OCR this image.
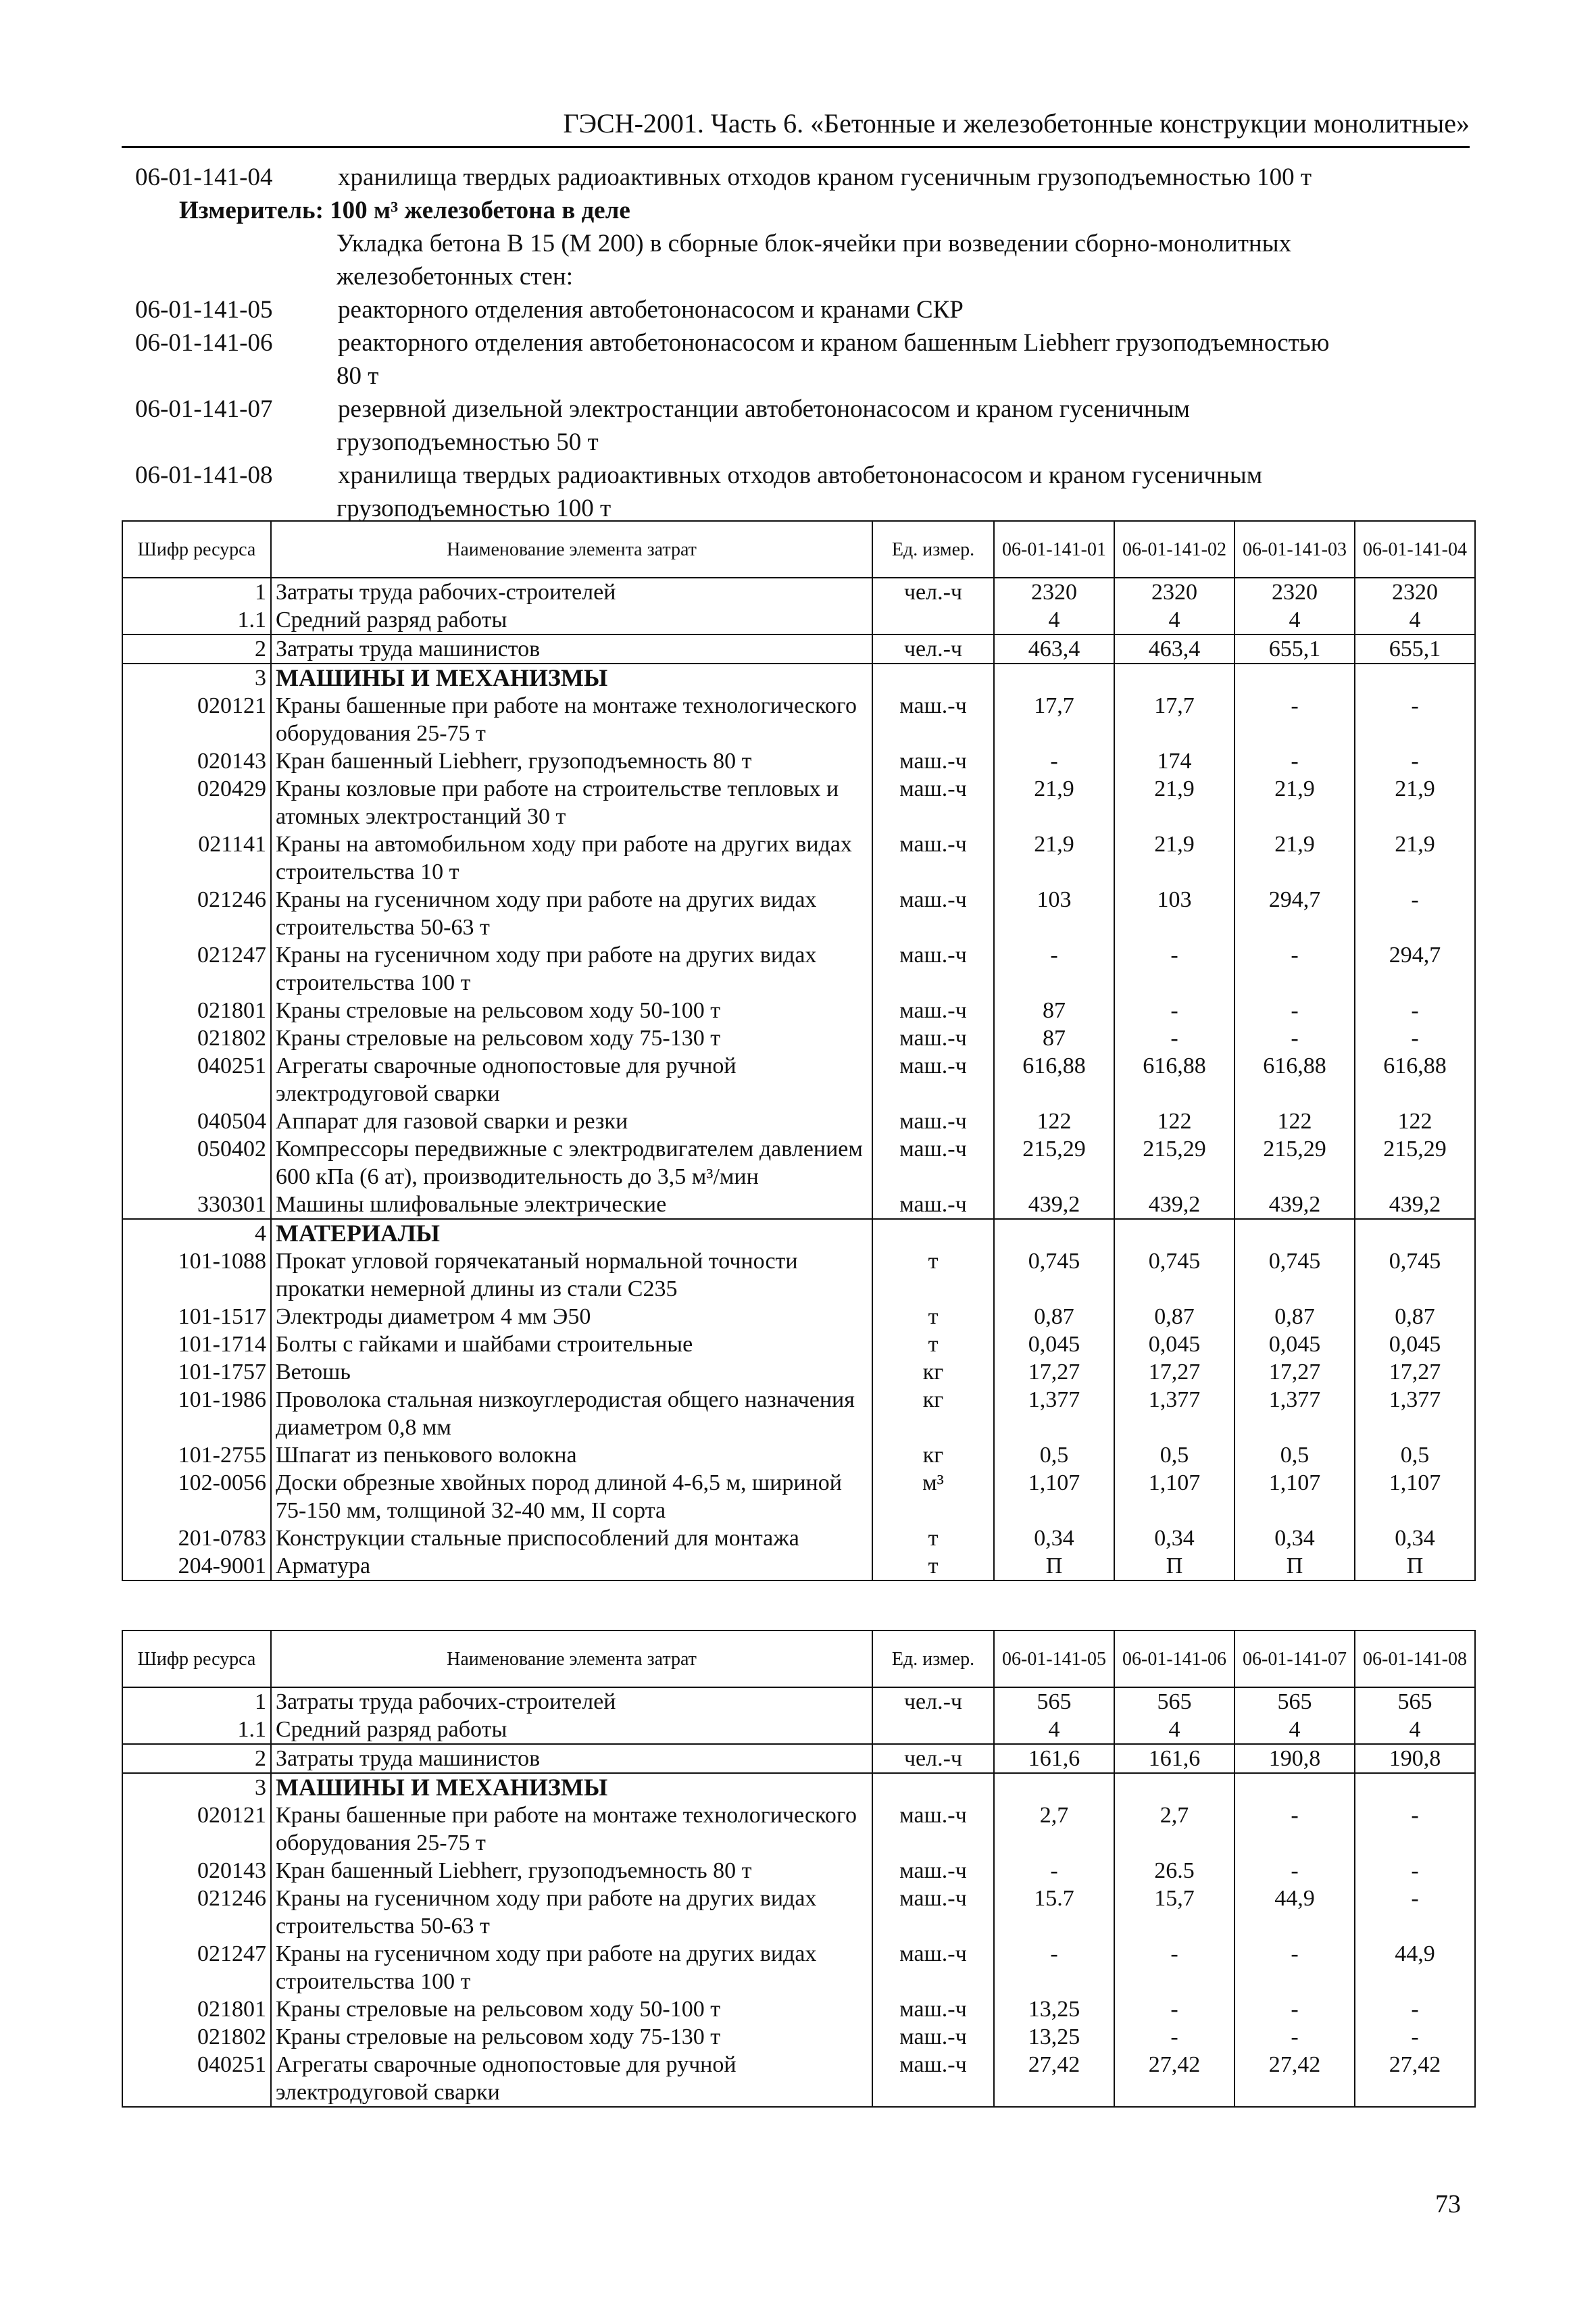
ГЭСН-2001. Часть 6. «Бетонные и железобетонные конструкции монолитные»
06-01-141-04	хранилища твердых радиоактивных отходов краном гусеничным грузоподъемностью 100 т
Измеритель: 100 м³ железобетона в деле
Укладка бетона В 15 (М 200) в сборные блок-ячейки при возведении сборно-монолитных
железобетонных стен:
06-01-141-05	реакторного отделения автобетононасосом и кранами СКР
06-01-141-06	реакторного отделения автобетононасосом и краном башенным Liebherr грузоподъемностью
80 т
06-01-141-07	резервной дизельной электростанции автобетононасосом и краном гусеничным
грузоподъемностью 50 т
06-01-141-08	хранилища твердых радиоактивных отходов автобетононасосом и краном гусеничным
грузоподъемностью 100 т
Шифр ресурса	Наименование элемента затрат	Ед. измер.	06-01-141-01	06-01-141-02	06-01-141-03	06-01-141-04
1	Затраты труда рабочих-строителей	чел.-ч	2320	2320	2320	2320
1.1	Средний разряд работы		4	4	4	4
2	Затраты труда машинистов	чел.-ч	463,4	463,4	655,1	655,1
3	МАШИНЫ И МЕХАНИЗМЫ					
020121	Краны башенные при работе на монтаже технологического оборудования 25-75 т	маш.-ч	17,7	17,7	-	-
020143	Кран башенный Liebherr, грузоподъемность 80 т	маш.-ч	-	174	-	-
020429	Краны козловые при работе на строительстве тепловых и атомных электростанций 30 т	маш.-ч	21,9	21,9	21,9	21,9
021141	Краны на автомобильном ходу при работе на других видах строительства 10 т	маш.-ч	21,9	21,9	21,9	21,9
021246	Краны на гусеничном ходу при работе на других видах строительства 50-63 т	маш.-ч	103	103	294,7	-
021247	Краны на гусеничном ходу при работе на других видах строительства 100 т	маш.-ч	-	-	-	294,7
021801	Краны стреловые на рельсовом ходу 50-100 т	маш.-ч	87	-	-	-
021802	Краны стреловые на рельсовом ходу 75-130 т	маш.-ч	87	-	-	-
040251	Агрегаты сварочные однопостовые для ручной электродуговой сварки	маш.-ч	616,88	616,88	616,88	616,88
040504	Аппарат для газовой сварки и резки	маш.-ч	122	122	122	122
050402	Компрессоры передвижные с электродвигателем давлением 600 кПа (6 ат), производительность до 3,5 м³/мин	маш.-ч	215,29	215,29	215,29	215,29
330301	Машины шлифовальные электрические	маш.-ч	439,2	439,2	439,2	439,2
4	МАТЕРИАЛЫ					
101-1088	Прокат угловой горячекатаный нормальной точности прокатки немерной длины из стали С235	т	0,745	0,745	0,745	0,745
101-1517	Электроды диаметром 4 мм Э50	т	0,87	0,87	0,87	0,87
101-1714	Болты с гайками и шайбами строительные	т	0,045	0,045	0,045	0,045
101-1757	Ветошь	кг	17,27	17,27	17,27	17,27
101-1986	Проволока стальная низкоуглеродистая общего назначения диаметром 0,8 мм	кг	1,377	1,377	1,377	1,377
101-2755	Шпагат из пенькового волокна	кг	0,5	0,5	0,5	0,5
102-0056	Доски обрезные хвойных пород длиной 4-6,5 м, шириной 75-150 мм, толщиной 32-40 мм, II сорта	м³	1,107	1,107	1,107	1,107
201-0783	Конструкции стальные приспособлений для монтажа	т	0,34	0,34	0,34	0,34
204-9001	Арматура	т	П	П	П	П
Шифр ресурса	Наименование элемента затрат	Ед. измер.	06-01-141-05	06-01-141-06	06-01-141-07	06-01-141-08
1	Затраты труда рабочих-строителей	чел.-ч	565	565	565	565
1.1	Средний разряд работы		4	4	4	4
2	Затраты труда машинистов	чел.-ч	161,6	161,6	190,8	190,8
3	МАШИНЫ И МЕХАНИЗМЫ					
020121	Краны башенные при работе на монтаже технологического оборудования 25-75 т	маш.-ч	2,7	2,7	-	-
020143	Кран башенный Liebherr, грузоподъемность 80 т	маш.-ч	-	26.5	-	-
021246	Краны на гусеничном ходу при работе на других видах строительства 50-63 т	маш.-ч	15.7	15,7	44,9	-
021247	Краны на гусеничном ходу при работе на других видах строительства 100 т	маш.-ч	-	-	-	44,9
021801	Краны стреловые на рельсовом ходу 50-100 т	маш.-ч	13,25	-	-	-
021802	Краны стреловые на рельсовом ходу 75-130 т	маш.-ч	13,25	-	-	-
040251	Агрегаты сварочные однопостовые для ручной электродуговой сварки	маш.-ч	27,42	27,42	27,42	27,42
73
